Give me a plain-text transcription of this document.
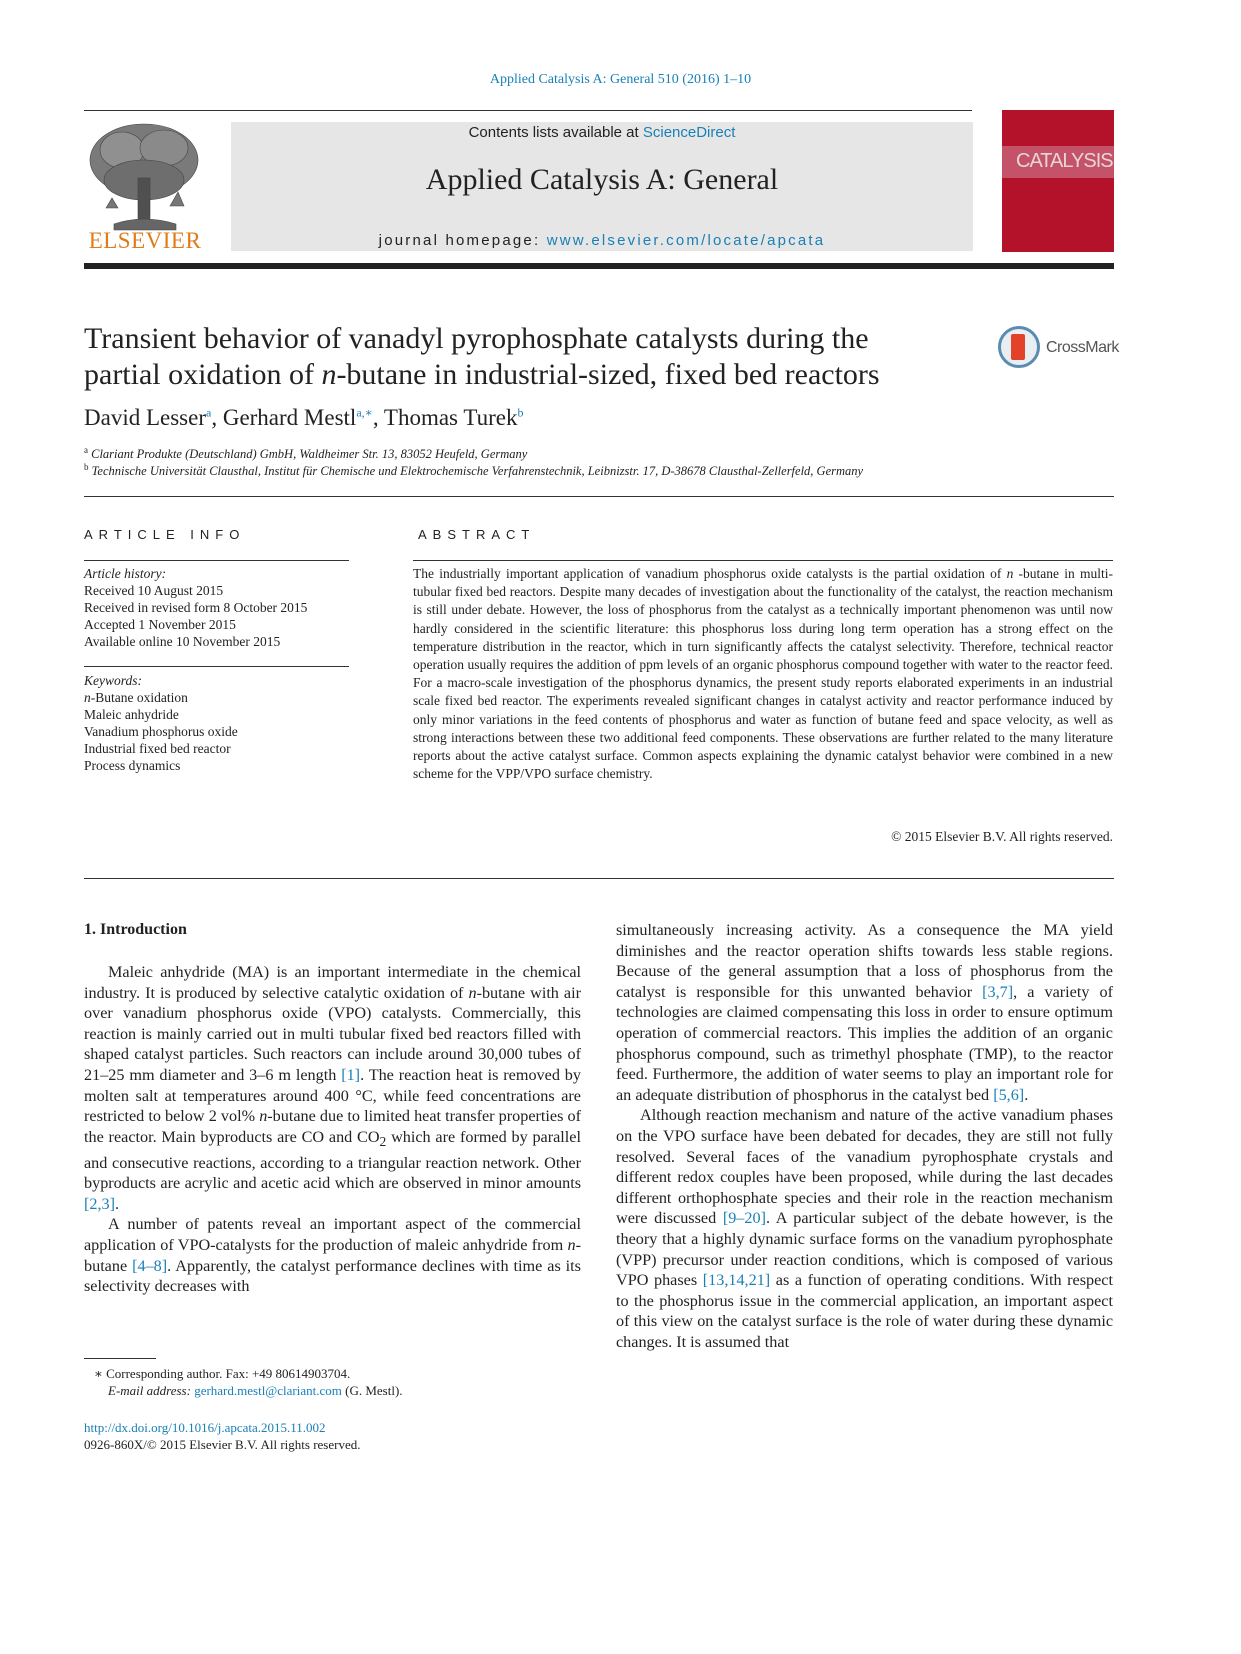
Applied Catalysis A: General 510 (2016) 1–10
ELSEVIER
Contents lists available at ScienceDirect
Applied Catalysis A: General
journal homepage: www.elsevier.com/locate/apcata
CATALYSIS
Transient behavior of vanadyl pyrophosphate catalysts during the
partial oxidation of n-butane in industrial-sized, fixed bed reactors
CrossMark
David Lesser$^a$, Gerhard Mestl$^{a,∗}$, Thomas Turek$^b$
$^a$ Clariant Produkte (Deutschland) GmbH, Waldheimer Str. 13, 83052 Heufeld, Germany
$^b$ Technische Universität Clausthal, Institut für Chemische und Elektrochemische Verfahrenstechnik, Leibnizstr. 17, D-38678 Clausthal-Zellerfeld, Germany
ARTICLE INFO
Article history:
Received 10 August 2015
Received in revised form 8 October 2015
Accepted 1 November 2015
Available online 10 November 2015
Keywords:
n-Butane oxidation
Maleic anhydride
Vanadium phosphorus oxide
Industrial fixed bed reactor
Process dynamics
ABSTRACT
The industrially important application of vanadium phosphorus oxide catalysts is the partial oxidation of n -butane in multi-tubular fixed bed reactors. Despite many decades of investigation about the functionality of the catalyst, the reaction mechanism is still under debate. However, the loss of phosphorus from the catalyst as a technically important phenomenon was until now hardly considered in the scientific literature: this phosphorus loss during long term operation has a strong effect on the temperature distribution in the reactor, which in turn significantly affects the catalyst selectivity. Therefore, technical reactor operation usually requires the addition of ppm levels of an organic phosphorus compound together with water to the reactor feed. For a macro-scale investigation of the phosphorus dynamics, the present study reports elaborated experiments in an industrial scale fixed bed reactor. The experiments revealed significant changes in catalyst activity and reactor performance induced by only minor variations in the feed contents of phosphorus and water as function of butane feed and space velocity, as well as strong interactions between these two additional feed components. These observations are further related to the many literature reports about the active catalyst surface. Common aspects explaining the dynamic catalyst behavior were combined in a new scheme for the VPP/VPO surface chemistry.
© 2015 Elsevier B.V. All rights reserved.
1. Introduction

Maleic anhydride (MA) is an important intermediate in the chemical industry. It is produced by selective catalytic oxidation of n-butane with air over vanadium phosphorus oxide (VPO) catalysts. Commercially, this reaction is mainly carried out in multi tubular fixed bed reactors filled with shaped catalyst particles. Such reactors can include around 30,000 tubes of 21–25 mm diameter and 3–6 m length [1]. The reaction heat is removed by molten salt at temperatures around 400 °C, while feed concentrations are restricted to below 2 vol% n-butane due to limited heat transfer properties of the reactor. Main byproducts are CO and $CO_2$ which are formed by parallel and consecutive reactions, according to a triangular reaction network. Other byproducts are acrylic and acetic acid which are observed in minor amounts [2,3].

A number of patents reveal an important aspect of the commercial application of VPO-catalysts for the production of maleic anhydride from n-butane [4–8]. Apparently, the catalyst performance declines with time as its selectivity decreases with

simultaneously increasing activity. As a consequence the MA yield diminishes and the reactor operation shifts towards less stable regions. Because of the general assumption that a loss of phosphorus from the catalyst is responsible for this unwanted behavior [3,7], a variety of technologies are claimed compensating this loss in order to ensure optimum operation of commercial reactors. This implies the addition of an organic phosphorus compound, such as trimethyl phosphate (TMP), to the reactor feed. Furthermore, the addition of water seems to play an important role for an adequate distribution of phosphorus in the catalyst bed [5,6].

Although reaction mechanism and nature of the active vanadium phases on the VPO surface have been debated for decades, they are still not fully resolved. Several faces of the vanadium pyrophosphate crystals and different redox couples have been proposed, while during the last decades different orthophosphate species and their role in the reaction mechanism were discussed [9–20]. A particular subject of the debate however, is the theory that a highly dynamic surface forms on the vanadium pyrophosphate (VPP) precursor under reaction conditions, which is composed of various VPO phases [13,14,21] as a function of operating conditions. With respect to the phosphorus issue in the commercial application, an important aspect of this view on the catalyst surface is the role of water during these dynamic changes. It is assumed that

∗ Corresponding author. Fax: +49 80614903704.
E-mail address: gerhard.mestl@clariant.com (G. Mestl).
http://dx.doi.org/10.1016/j.apcata.2015.11.002
0926-860X/© 2015 Elsevier B.V. All rights reserved.
